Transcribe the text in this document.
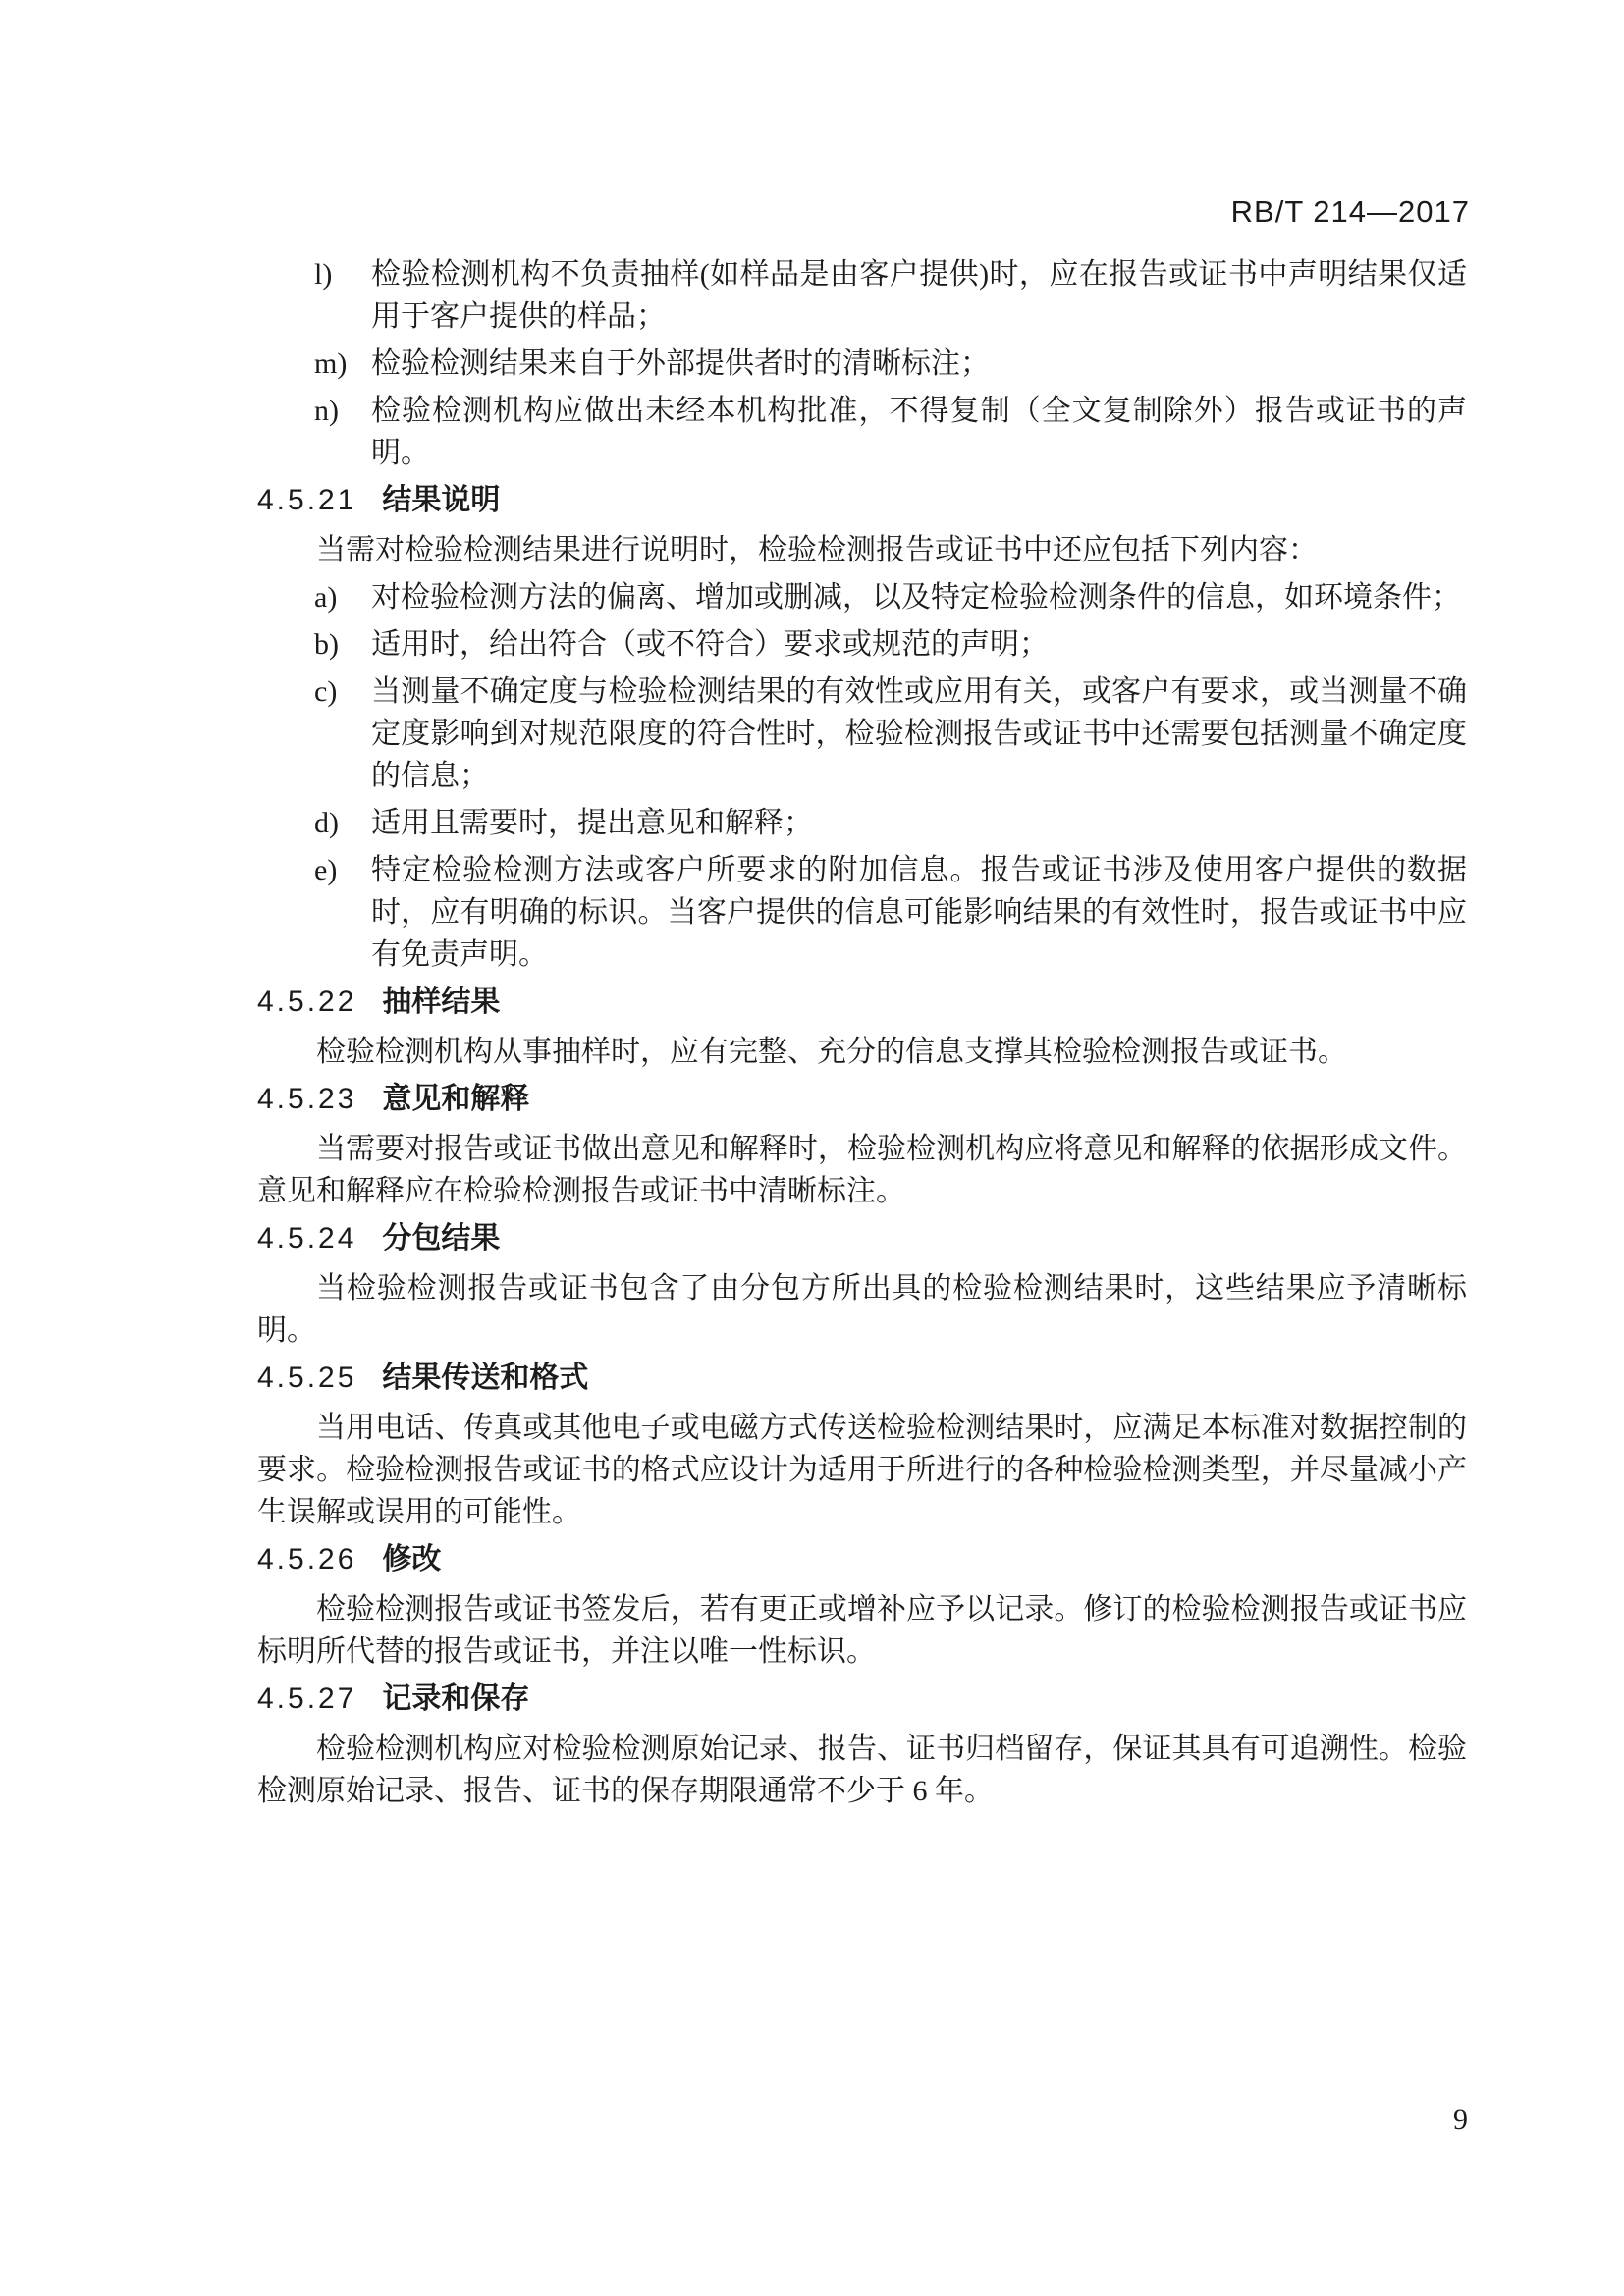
RB/T 214—2017
l) 检验检测机构不负责抽样(如样品是由客户提供)时，应在报告或证书中声明结果仅适用于客户提供的样品；
m) 检验检测结果来自于外部提供者时的清晰标注；
n) 检验检测机构应做出未经本机构批准，不得复制（全文复制除外）报告或证书的声明。
4.5.21 结果说明

当需对检验检测结果进行说明时，检验检测报告或证书中还应包括下列内容：

a) 对检验检测方法的偏离、增加或删减，以及特定检验检测条件的信息，如环境条件；
b) 适用时，给出符合（或不符合）要求或规范的声明；
c) 当测量不确定度与检验检测结果的有效性或应用有关，或客户有要求，或当测量不确定度影响到对规范限度的符合性时，检验检测报告或证书中还需要包括测量不确定度的信息；
d) 适用且需要时，提出意见和解释；
e) 特定检验检测方法或客户所要求的附加信息。报告或证书涉及使用客户提供的数据时，应有明确的标识。当客户提供的信息可能影响结果的有效性时，报告或证书中应有免责声明。
4.5.22 抽样结果

检验检测机构从事抽样时，应有完整、充分的信息支撑其检验检测报告或证书。

4.5.23 意见和解释

当需要对报告或证书做出意见和解释时，检验检测机构应将意见和解释的依据形成文件。意见和解释应在检验检测报告或证书中清晰标注。

4.5.24 分包结果

当检验检测报告或证书包含了由分包方所出具的检验检测结果时，这些结果应予清晰标明。

4.5.25 结果传送和格式

当用电话、传真或其他电子或电磁方式传送检验检测结果时，应满足本标准对数据控制的要求。检验检测报告或证书的格式应设计为适用于所进行的各种检验检测类型，并尽量减小产生误解或误用的可能性。

4.5.26 修改

检验检测报告或证书签发后，若有更正或增补应予以记录。修订的检验检测报告或证书应标明所代替的报告或证书，并注以唯一性标识。

4.5.27 记录和保存

检验检测机构应对检验检测原始记录、报告、证书归档留存，保证其具有可追溯性。检验检测原始记录、报告、证书的保存期限通常不少于 6 年。

9
